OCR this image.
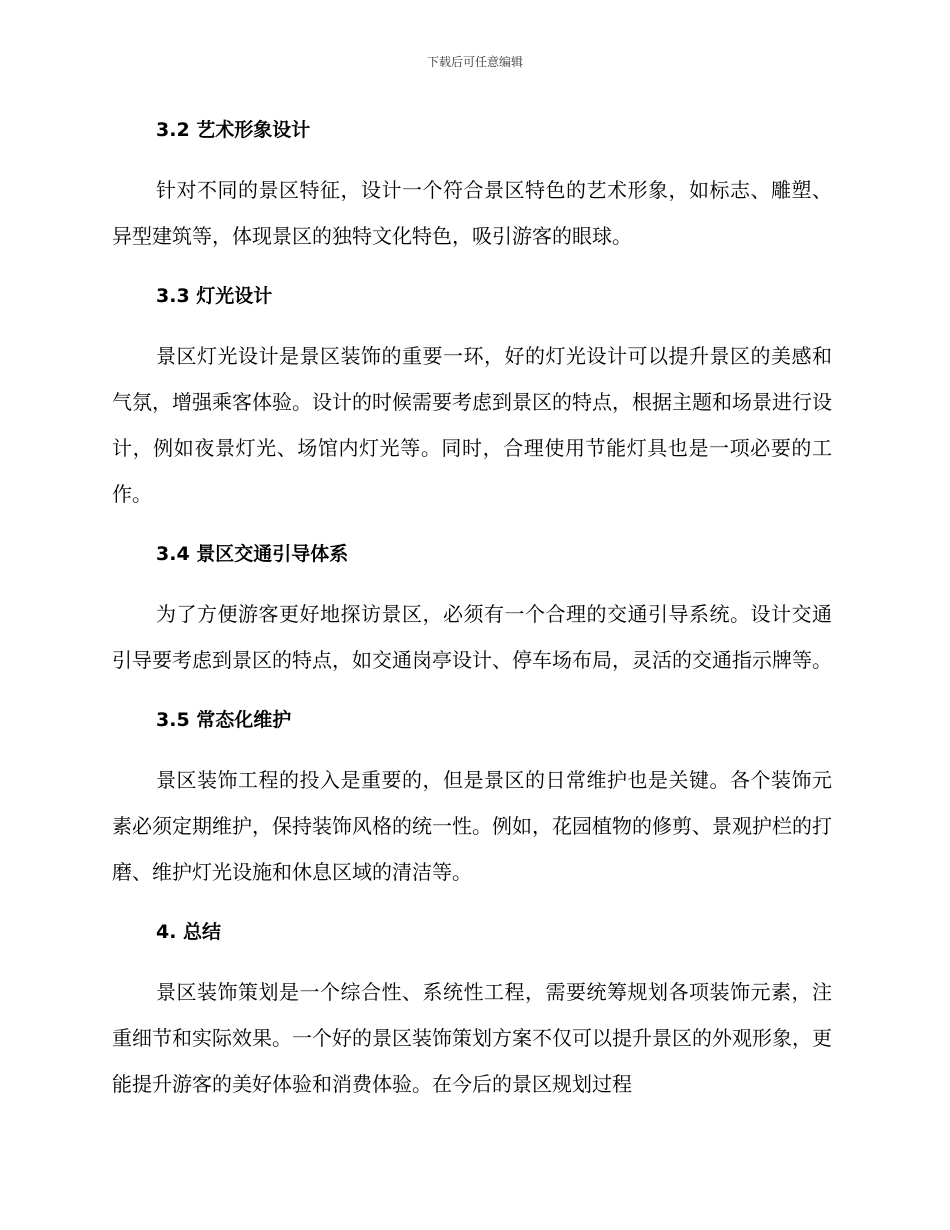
下载后可任意编辑
3.2 艺术形象设计

针对不同的景区特征，设计一个符合景区特色的艺术形象，如标志、雕塑、异型建筑等，体现景区的独特文化特色，吸引游客的眼球。

3.3 灯光设计

景区灯光设计是景区装饰的重要一环，好的灯光设计可以提升景区的美感和气氛，增强乘客体验。设计的时候需要考虑到景区的特点，根据主题和场景进行设计，例如夜景灯光、场馆内灯光等。同时，合理使用节能灯具也是一项必要的工作。

3.4 景区交通引导体系

为了方便游客更好地探访景区，必须有一个合理的交通引导系统。设计交通引导要考虑到景区的特点，如交通岗亭设计、停车场布局，灵活的交通指示牌等。

3.5 常态化维护

景区装饰工程的投入是重要的，但是景区的日常维护也是关键。各个装饰元素必须定期维护，保持装饰风格的统一性。例如，花园植物的修剪、景观护栏的打磨、维护灯光设施和休息区域的清洁等。

4. 总结

景区装饰策划是一个综合性、系统性工程，需要统筹规划各项装饰元素，注重细节和实际效果。一个好的景区装饰策划方案不仅可以提升景区的外观形象，更能提升游客的美好体验和消费体验。在今后的景区规划过程
